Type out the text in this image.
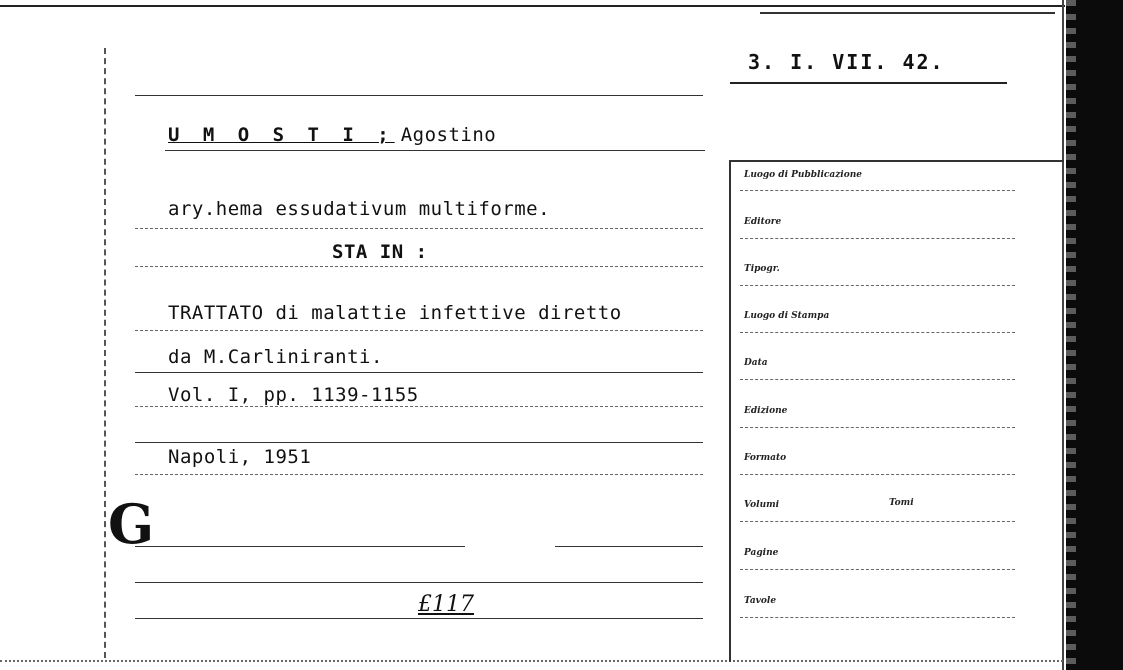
3. I. VII. 42.
U M O S T I ; Agostino
ary.hema essudativum multiforme.
STA IN :
TRATTATO di malattie infettive diretto
da M.Carliniranti.
Vol. I, pp. 1139-1155
Napoli, 1951
G
£117
Luogo di Pubblicazione
Editore
Tipogr.
Luogo di Stampa
Data
Edizione
Formato
Volumi	Tomi
Pagine
Tavole
